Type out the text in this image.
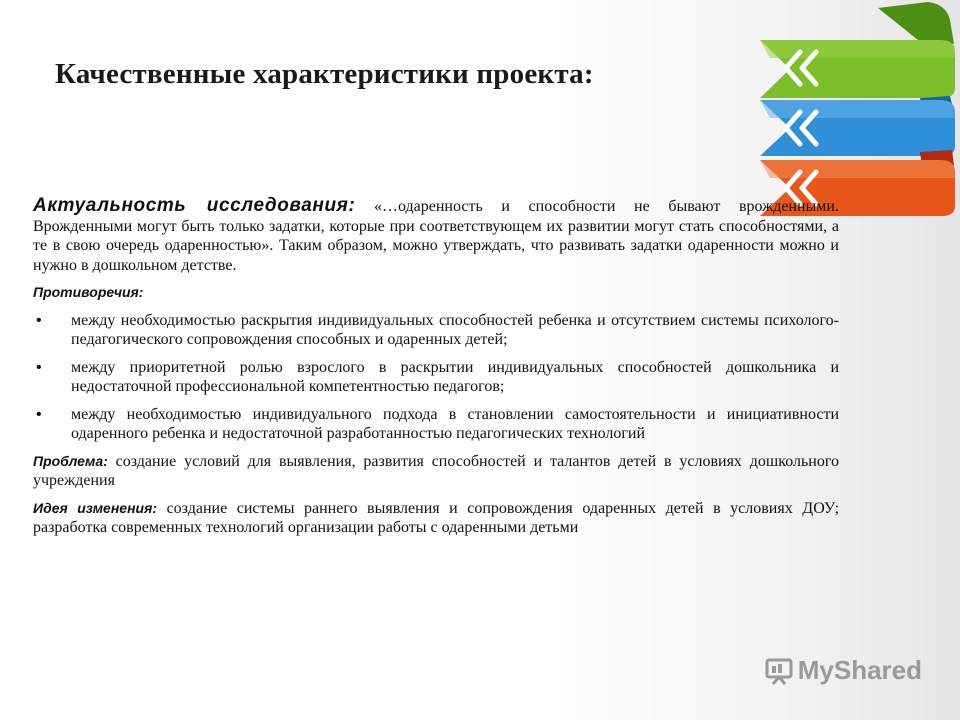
Качественные характеристики проекта:

Актуальность исследования: «…одаренность и способности не бывают врожденными. Врожденными могут быть только задатки, которые при соответствующем их развитии могут стать способностями, а те в свою очередь одаренностью». Таким образом, можно утверждать, что развивать задатки одаренности можно и нужно в дошкольном детстве.

Противоречия:

• между необходимостью раскрытия индивидуальных способностей ребенка и отсутствием системы психолого-педагогического сопровождения способных и одаренных детей;
• между приоритетной ролью взрослого в раскрытии индивидуальных способностей дошкольника и недостаточной профессиональной компетентностью педагогов;
• между необходимостью индивидуального подхода в становлении самостоятельности и инициативности одаренного ребенка и недостаточной разработанностью педагогических технологий

Проблема: создание условий для выявления, развития способностей и талантов детей в условиях дошкольного учреждения

Идея изменения: создание системы раннего выявления и сопровождения одаренных детей в условиях ДОУ; разработка современных технологий организации работы с одаренными детьми

MyShared
